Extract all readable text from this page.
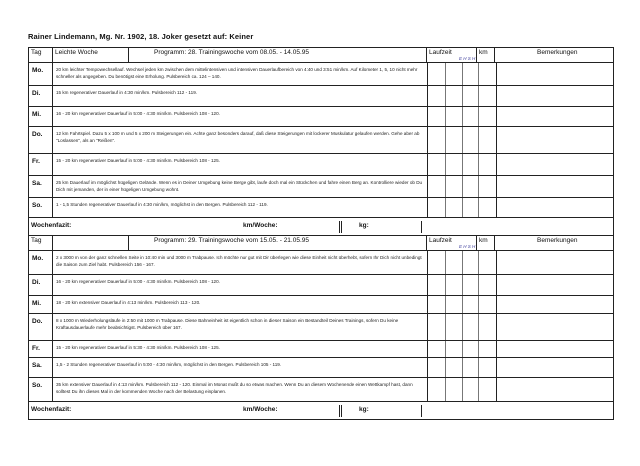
Rainer Lindemann, Mg. Nr. 1902, 18. Joker gesetzt auf: Keiner
Tag	Leichte Woche	Programm: 28. Trainingswoche vom 08.05. - 14.05.95	Laufzeit	km	Bemerkungen
E H S H
Mo.	20 km leichter Tempowechsellauf. Wechsel jeden km zwischen dem mittelintensiven und intensiven Dauerlaufbereich von 4:40 und 3:51 min/km. Auf Kilometer 1, 5, 10 nicht mehr schneller als angegeben. Du benötigst eine Erholung. Pulsbereich ca. 124 – 140.
Di.	15 km regenerativer Dauerlauf in 4:30 min/km. Pulsbereich 112 - 119.
Mi.	16 - 20 km regenerativer Dauerlauf in 5:00 - 4:30 min/km. Pulsbereich 108 - 120.
Do.	12 km Fahrtspiel. Dazu 5 x 100 m und 5 x 200 m Steigerungen ein. Achte ganz besonders darauf, daß diese Steigerungen mit lockerer Muskulatur gelaufen werden. Gehe aber ab "Loslassen", als an "Reißen".
Fr.	15 - 20 km regenerativer Dauerlauf in 5:00 - 4:30 min/km. Pulsbereich 108 - 125.
Sa.	25 km Dauerlauf im möglichst hügeligen Gelände. Wenn es in Deiner Umgebung keine Berge gibt, laufe doch mal ein Stückchen und fahre einen Berg an. Kontrolliere wieder ob Du Dich mit jemanden, der in einer hügeligen Umgebung wohnt.
So.	1 - 1,5 Stunden regenerativer Dauerlauf in 4:30 min/km, möglichst in den Bergen. Pulsbereich 112 - 119.
Wochenfazit:	km/Woche:	kg:
Tag	Programm: 29. Trainingswoche vom 15.05. - 21.05.95	Laufzeit	km	Bemerkungen
E H S H
Mo.	2 x 3000 m von der ganz schnellen Seite in 10:40 min und 3000 m Trabpause. Ich möchte nur gut mit Dir überlegen wie diese Einheit nicht überhebt, sofern Ihr Dich nicht unbedingt die Saison zum Ziel habt. Pulsbereich 156 - 167.
Di.	16 - 20 km regenerativer Dauerlauf in 5:00 - 4:30 min/km. Pulsbereich 108 - 120.
Mi.	18 - 20 km extensiver Dauerlauf in 4:13 min/km. Pulsbereich 113 - 120.
Do.	8 x 1000 m Wiederholungsläufe in 2:50 mit 1000 m Trabpause. Diese Bahneinheit ist eigentlich schon in dieser Saison ein Bestandteil Deines Trainings, sofern Du keine Kraftausdauerlaufe mehr beabsichtigst. Pulsbereich über 167.
Fr.	15 - 20 km regenerativer Dauerlauf in 5:30 - 4:30 min/km. Pulsbereich 108 - 125.
Sa.	1,5 - 2 Stunden regenerativer Dauerlauf in 5:00 - 4:30 min/km, möglichst in den Bergen. Pulsbereich 105 - 119.
So.	35 km extensiver Dauerlauf in 4:13 min/km. Pulsbereich 112 - 120. Einmal im Monat mußt du so etwas machen. Wenn Du an diesem Wochenende einen Wettkampf hast, dann solltest Du ihn dieses Mal in der kommenden Woche nach der Belastung einplanen.
Wochenfazit:	km/Woche:	kg:
